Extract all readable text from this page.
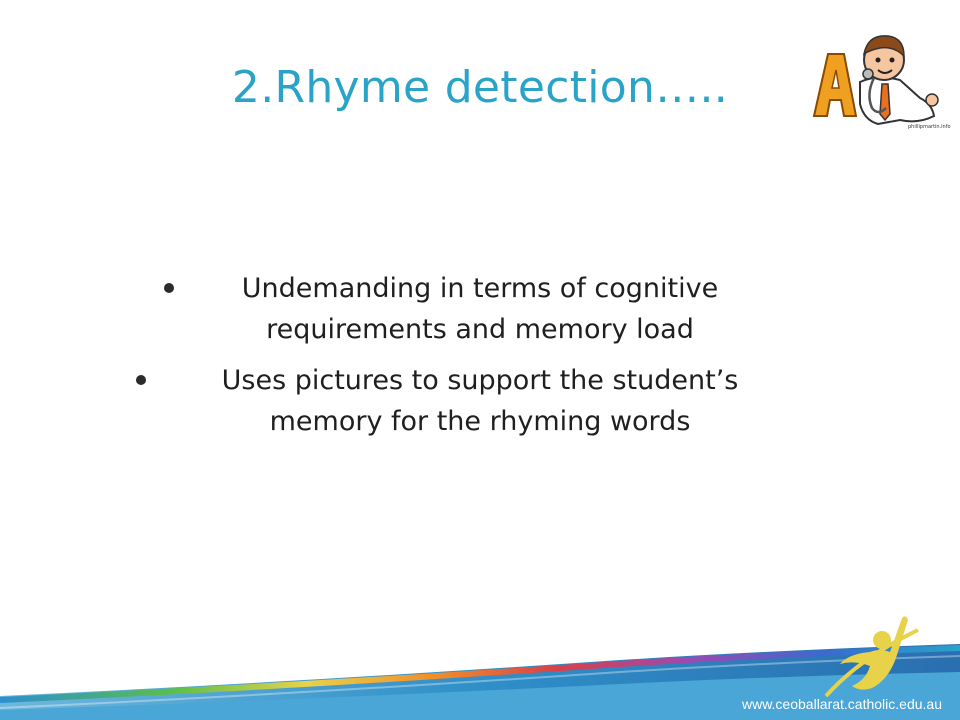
2.Rhyme detection…..
phillipmartin.info
Undemanding in terms of cognitive
requirements and memory load
Uses pictures to support the student’s
memory for the rhyming words
www.ceoballarat.catholic.edu.au
